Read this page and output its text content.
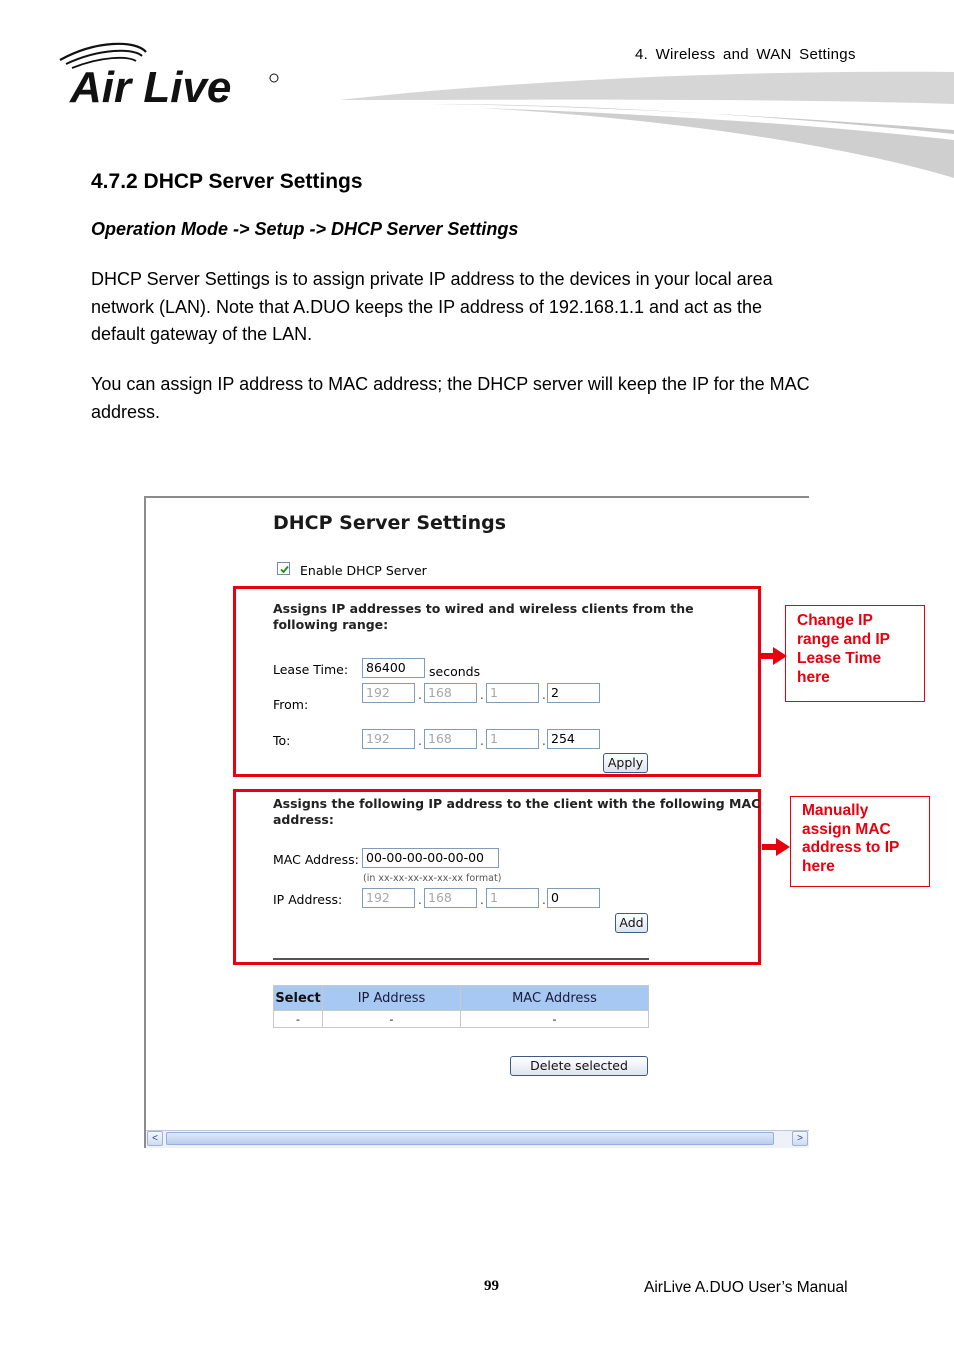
4. Wireless and WAN Settings
Air Live
4.7.2 DHCP Server Settings
Operation Mode -> Setup -> DHCP Server Settings
DHCP Server Settings is to assign private IP address to the devices in your local area
network (LAN). Note that A.DUO keeps the IP address of 192.168.1.1 and act as the
default gateway of the LAN.
You can assign IP address to MAC address; the DHCP server will keep the IP for the MAC
address.
DHCP Server Settings
Enable DHCP Server
Assigns IP addresses to wired and wireless clients from the
following range:
Lease Time:	86400	seconds
From:
192	. 168	. 1	. 2
To:	192	. 168	. 1	. 254
Apply
Assigns the following IP address to the client with the following MAC
address:
MAC Address: 00-00-00-00-00-00
(in xx-xx-xx-xx-xx-xx format)
IP Address:	192	. 168	. 1	. 0
Add
Change IP
range and IP
Lease Time
here
Manually
assign MAC
address to IP
here
Select	IP Address	MAC Address
-	-	-
Delete selected
<	>
99	AirLive A.DUO User’s Manual
